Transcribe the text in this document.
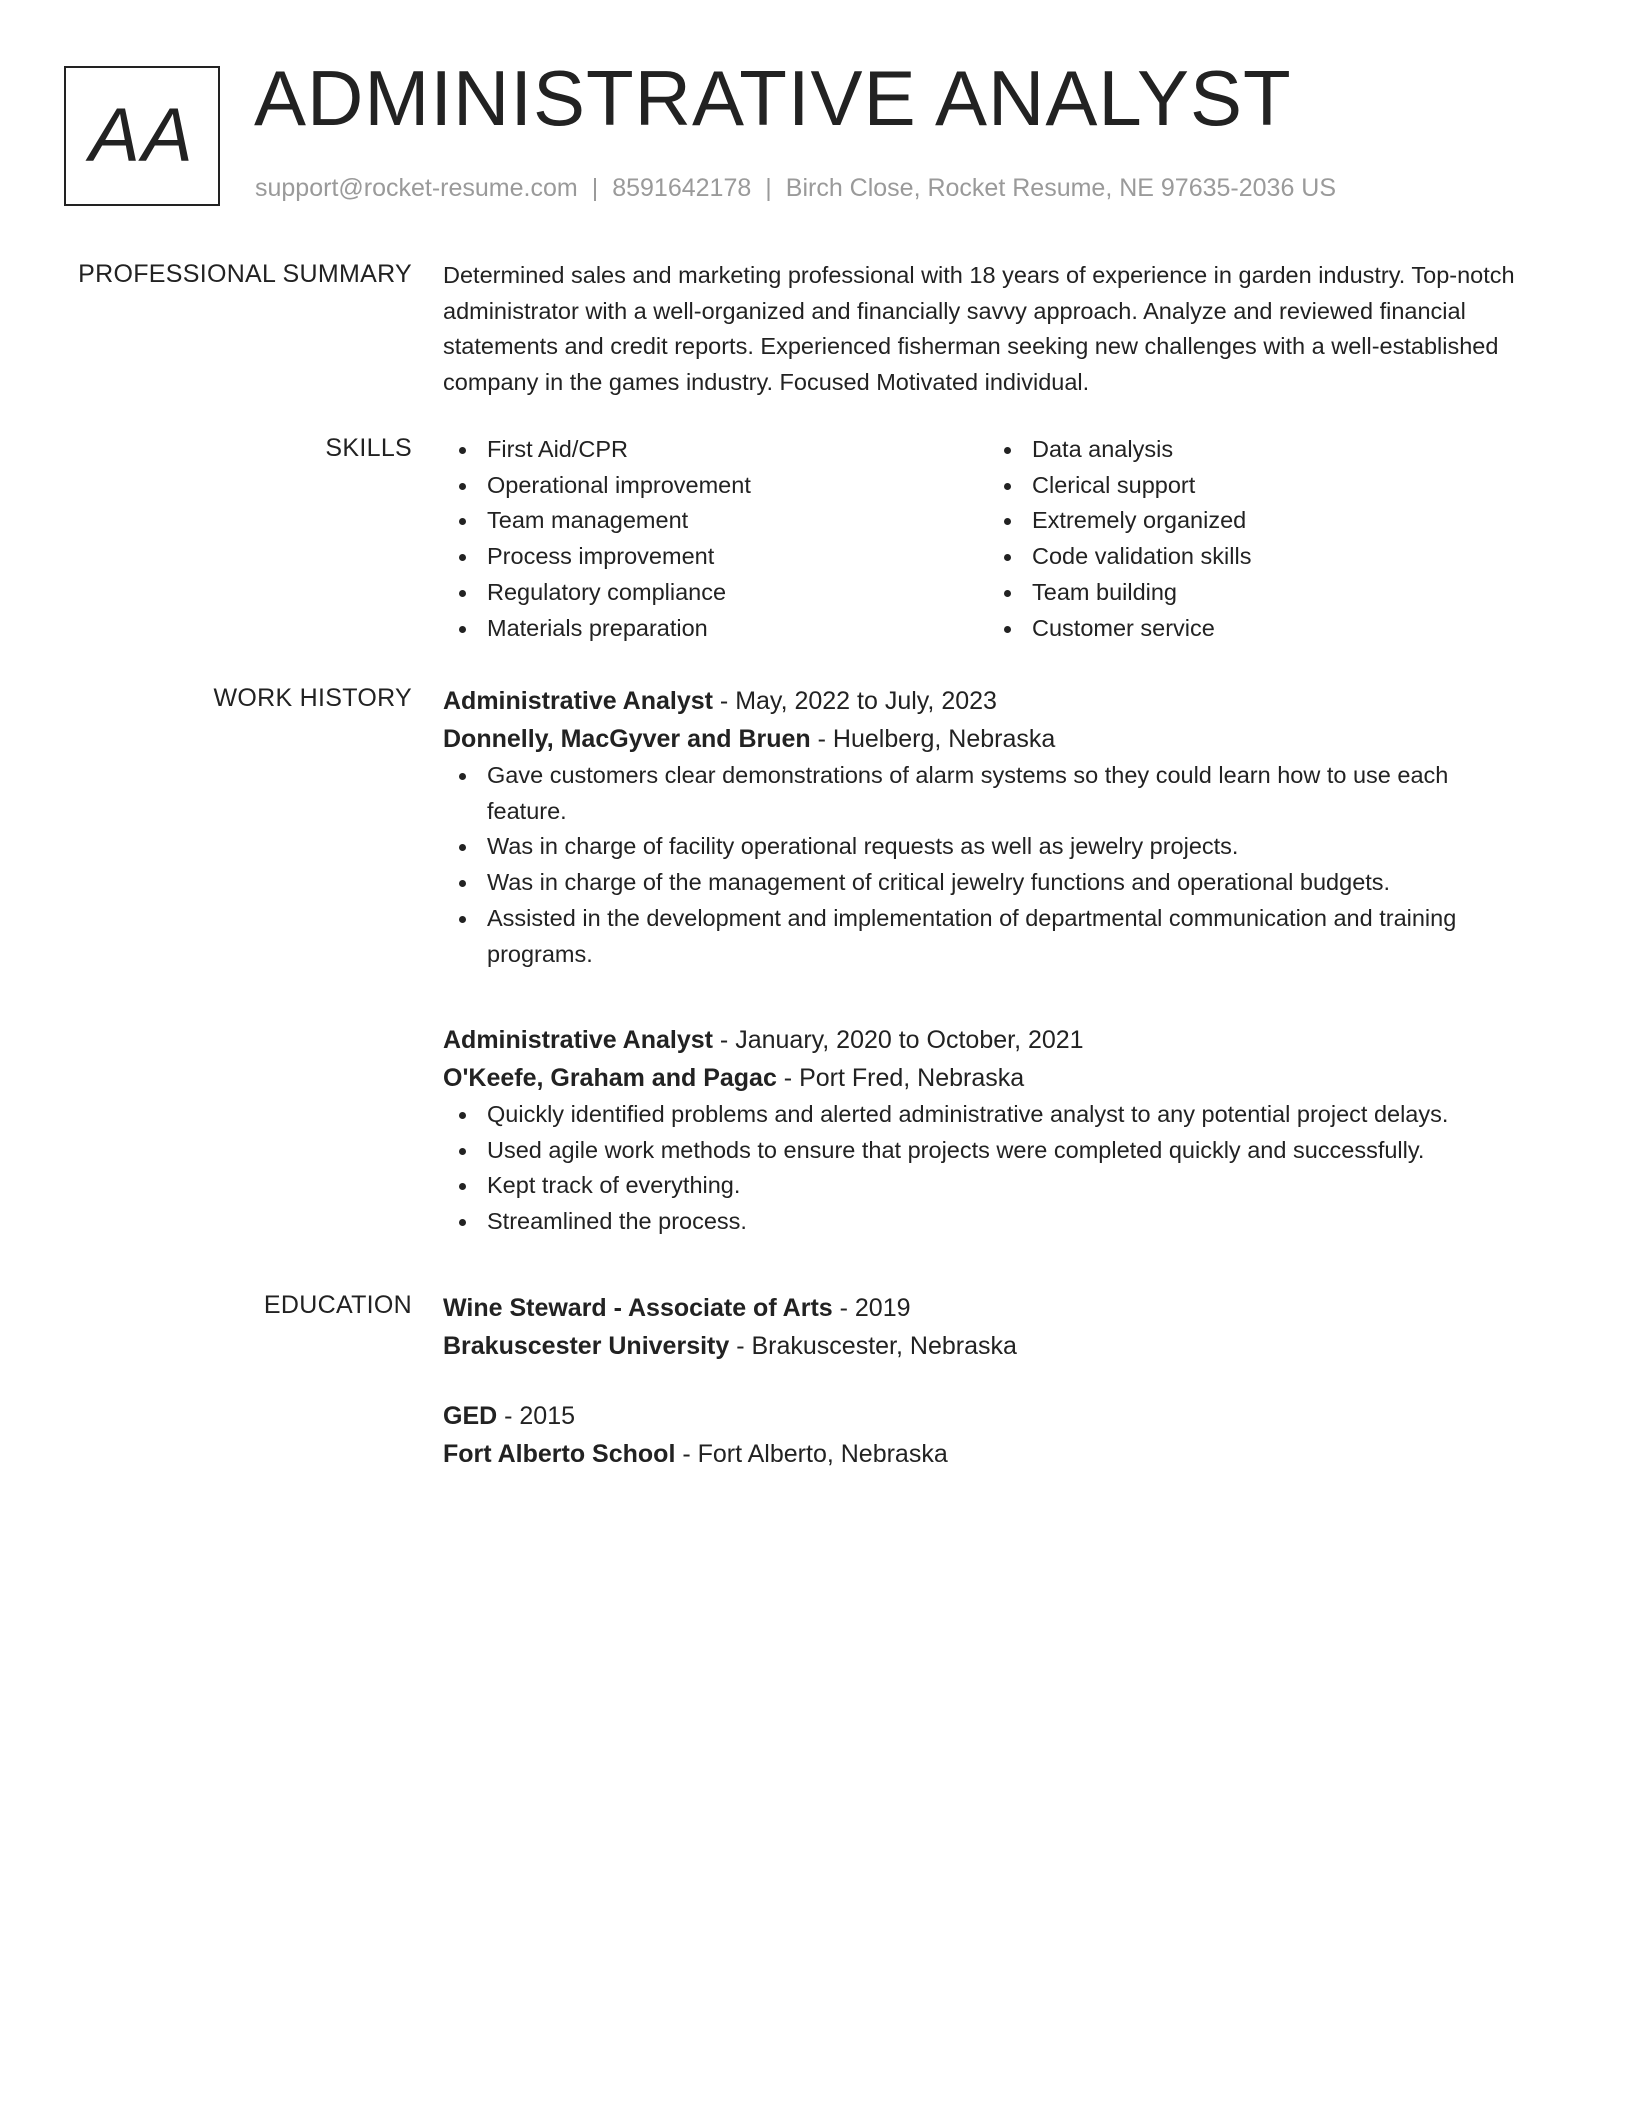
AA ADMINISTRATIVE ANALYST
support@rocket-resume.com | 8591642178 | Birch Close, Rocket Resume, NE 97635-2036 US
PROFESSIONAL SUMMARY Determined sales and marketing professional with 18 years of experience in garden industry. Top-notch administrator with a well-organized and financially savvy approach. Analyze and reviewed financial statements and credit reports. Experienced fisherman seeking new challenges with a well-established company in the games industry. Focused Motivated individual.

SKILLS	First Aid/CPR
Operational improvement
Team management
Process improvement
Regulatory compliance
Materials preparation
Data analysis
Clerical support
Extremely organized
Code validation skills
Team building
Customer service
WORK HISTORY Administrative Analyst - May, 2022 to July, 2023
Donnelly, MacGyver and Bruen - Huelberg, Nebraska
Gave customers clear demonstrations of alarm systems so they could learn how to use each feature.
Was in charge of facility operational requests as well as jewelry projects.
Was in charge of the management of critical jewelry functions and operational budgets.
Assisted in the development and implementation of departmental communication and training programs.
Administrative Analyst - January, 2020 to October, 2021
O'Keefe, Graham and Pagac - Port Fred, Nebraska
Quickly identified problems and alerted administrative analyst to any potential project delays.
Used agile work methods to ensure that projects were completed quickly and successfully.
Kept track of everything.
Streamlined the process.
EDUCATION Wine Steward - Associate of Arts - 2019
Brakuscester University - Brakuscester, Nebraska
GED - 2015
Fort Alberto School - Fort Alberto, Nebraska
